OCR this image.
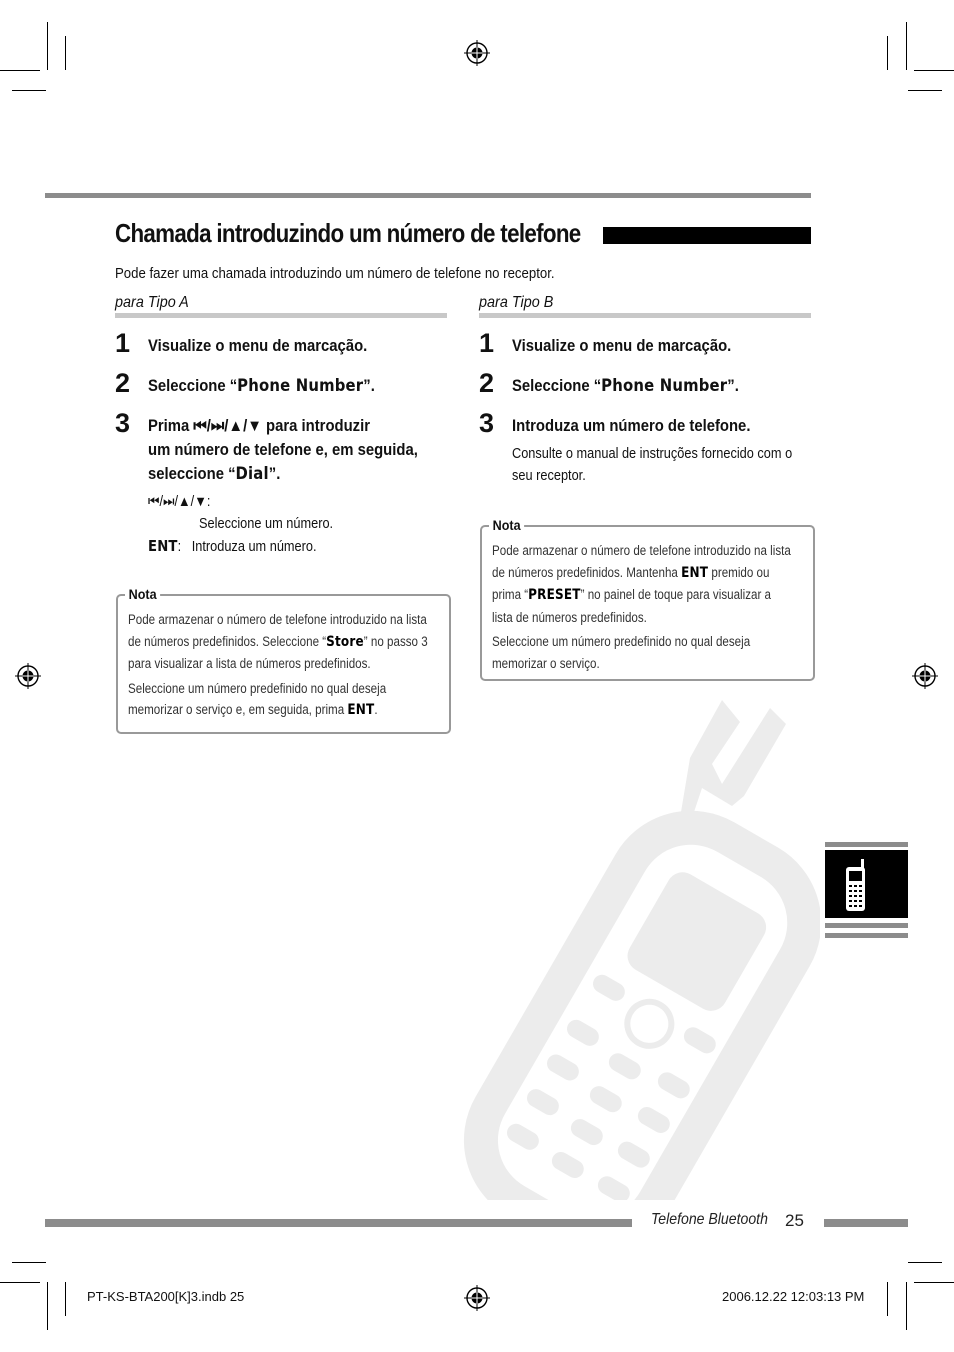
Chamada introduzindo um número de telefone
Pode fazer uma chamada introduzindo um número de telefone no receptor.
para Tipo A
1 Visualize o menu de marcação.
2 Seleccione “Phone Number”.
3 Prima ⏮/⏭/▲/▼ para introduzir
um número de telefone e, em seguida,
seleccione “Dial”.
⏮/⏭/▲/▼:
Seleccione um número.
ENT: Introduza um número.
Nota
Pode armazenar o número de telefone introduzido na lista
de números predefinidos. Seleccione “Store” no passo 3
para visualizar a lista de números predefinidos.
Seleccione um número predefinido no qual deseja
memorizar o serviço e, em seguida, prima ENT.
para Tipo B
1 Visualize o menu de marcação.
2 Seleccione “Phone Number”.
3 Introduza um número de telefone.
Consulte o manual de instruções fornecido com o
seu receptor.
Nota
Pode armazenar o número de telefone introduzido na lista
de números predefinidos. Mantenha ENT premido ou
prima “PRESET” no painel de toque para visualizar a
lista de números predefinidos.
Seleccione um número predefinido no qual deseja
memorizar o serviço.
Telefone Bluetooth 25
PT-KS-BTA200[K]3.indb 25	2006.12.22 12:03:13 PM
